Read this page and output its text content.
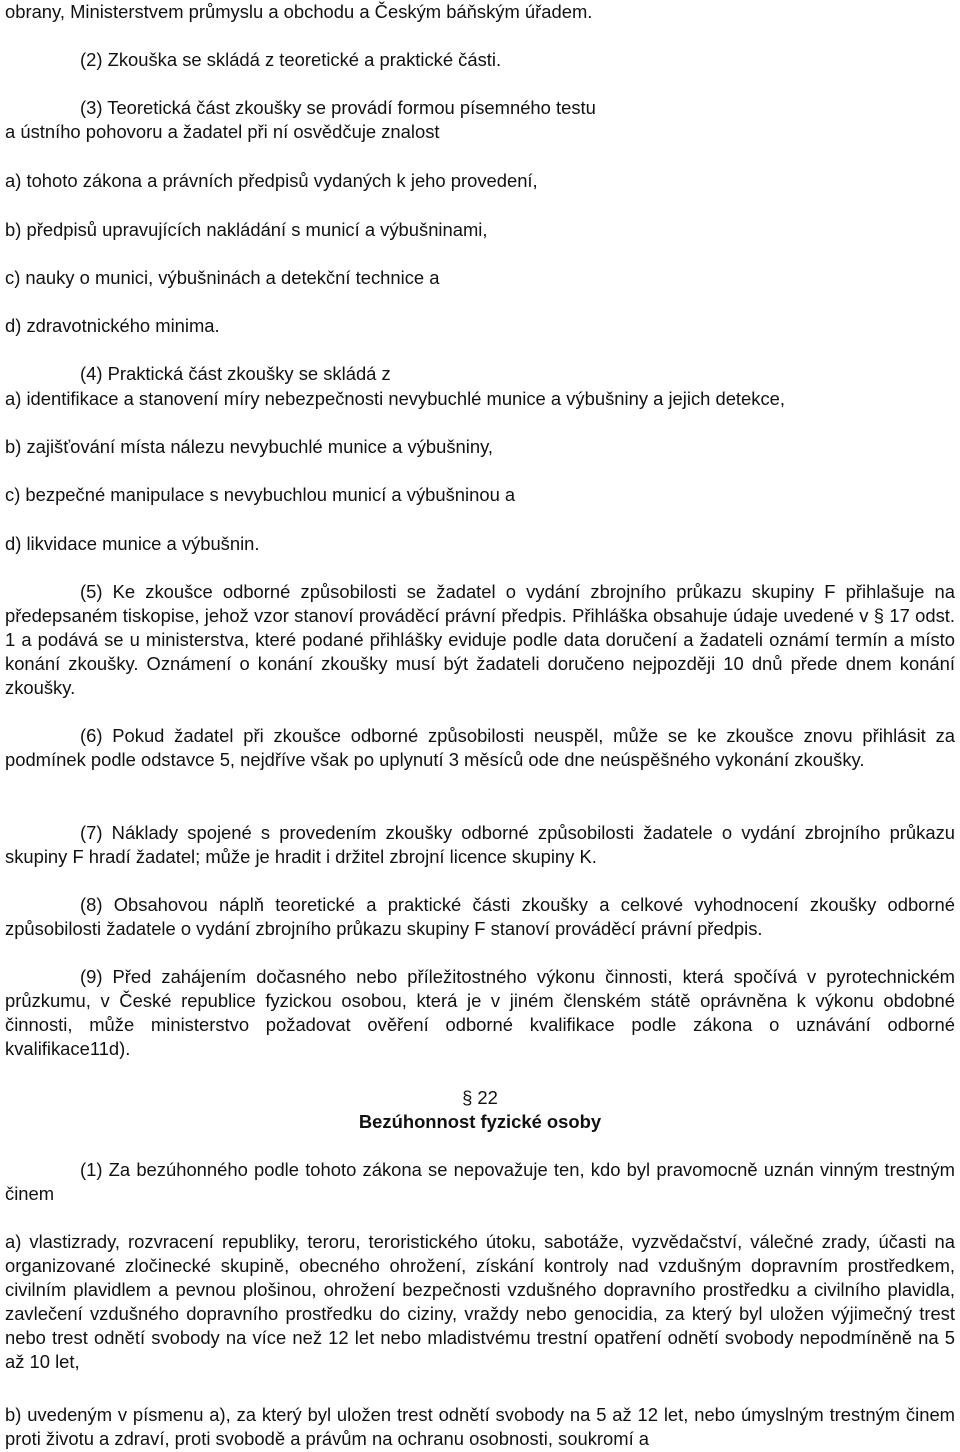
obrany, Ministerstvem průmyslu a obchodu a Českým báňským úřadem.

(2) Zkouška se skládá z teoretické a praktické části.

(3) Teoretická část zkoušky se provádí formou písemného testu

a ústního pohovoru a žadatel při ní osvědčuje znalost

a) tohoto zákona a právních předpisů vydaných k jeho provedení,

b) předpisů upravujících nakládání s municí a výbušninami,

c) nauky o munici, výbušninách a detekční technice a

d) zdravotnického minima.

(4) Praktická část zkoušky se skládá z

a) identifikace a stanovení míry nebezpečnosti nevybuchlé munice a výbušniny a jejich detekce,

b) zajišťování místa nálezu nevybuchlé munice a výbušniny,

c) bezpečné manipulace s nevybuchlou municí a výbušninou a

d) likvidace munice a výbušnin.

(5) Ke zkoušce odborné způsobilosti se žadatel o vydání zbrojního průkazu skupiny F přihlašuje na předepsaném tiskopise, jehož vzor stanoví prováděcí právní předpis. Přihláška obsahuje údaje uvedené v § 17 odst. 1 a podává se u ministerstva, které podané přihlášky eviduje podle data doručení a žadateli oznámí termín a místo konání zkoušky. Oznámení o konání zkoušky musí být žadateli doručeno nejpozději 10 dnů přede dnem konání zkoušky.

(6) Pokud žadatel při zkoušce odborné způsobilosti neuspěl, může se ke zkoušce znovu přihlásit za podmínek podle odstavce 5, nejdříve však po uplynutí 3 měsíců ode dne neúspěšného vykonání zkoušky.

(7) Náklady spojené s provedením zkoušky odborné způsobilosti žadatele o vydání zbrojního průkazu skupiny F hradí žadatel; může je hradit i držitel zbrojní licence skupiny K.

(8) Obsahovou náplň teoretické a praktické části zkoušky a celkové vyhodnocení zkoušky odborné způsobilosti žadatele o vydání zbrojního průkazu skupiny F stanoví prováděcí právní předpis.

(9) Před zahájením dočasného nebo příležitostného výkonu činnosti, která spočívá v pyrotechnickém průzkumu, v České republice fyzickou osobou, která je v jiném členském státě oprávněna k výkonu obdobné činnosti, může ministerstvo požadovat ověření odborné kvalifikace podle zákona o uznávání odborné kvalifikace11d).

§ 22

Bezúhonnost fyzické osoby

(1) Za bezúhonného podle tohoto zákona se nepovažuje ten, kdo byl pravomocně uznán vinným trestným činem

a) vlastizrady, rozvracení republiky, teroru, teroristického útoku, sabotáže, vyzvědačství, válečné zrady, účasti na organizované zločinecké skupině, obecného ohrožení, získání kontroly nad vzdušným dopravním prostředkem, civilním plavidlem a pevnou plošinou, ohrožení bezpečnosti vzdušného dopravního prostředku a civilního plavidla, zavlečení vzdušného dopravního prostředku do ciziny, vraždy nebo genocidia, za který byl uložen výjimečný trest nebo trest odnětí svobody na více než 12 let nebo mladistvému trestní opatření odnětí svobody nepodmíněně na 5 až 10 let,

b) uvedeným v písmenu a), za který byl uložen trest odnětí svobody na 5 až 12 let, nebo úmyslným trestným činem proti životu a zdraví, proti svobodě a právům na ochranu osobnosti, soukromí a
